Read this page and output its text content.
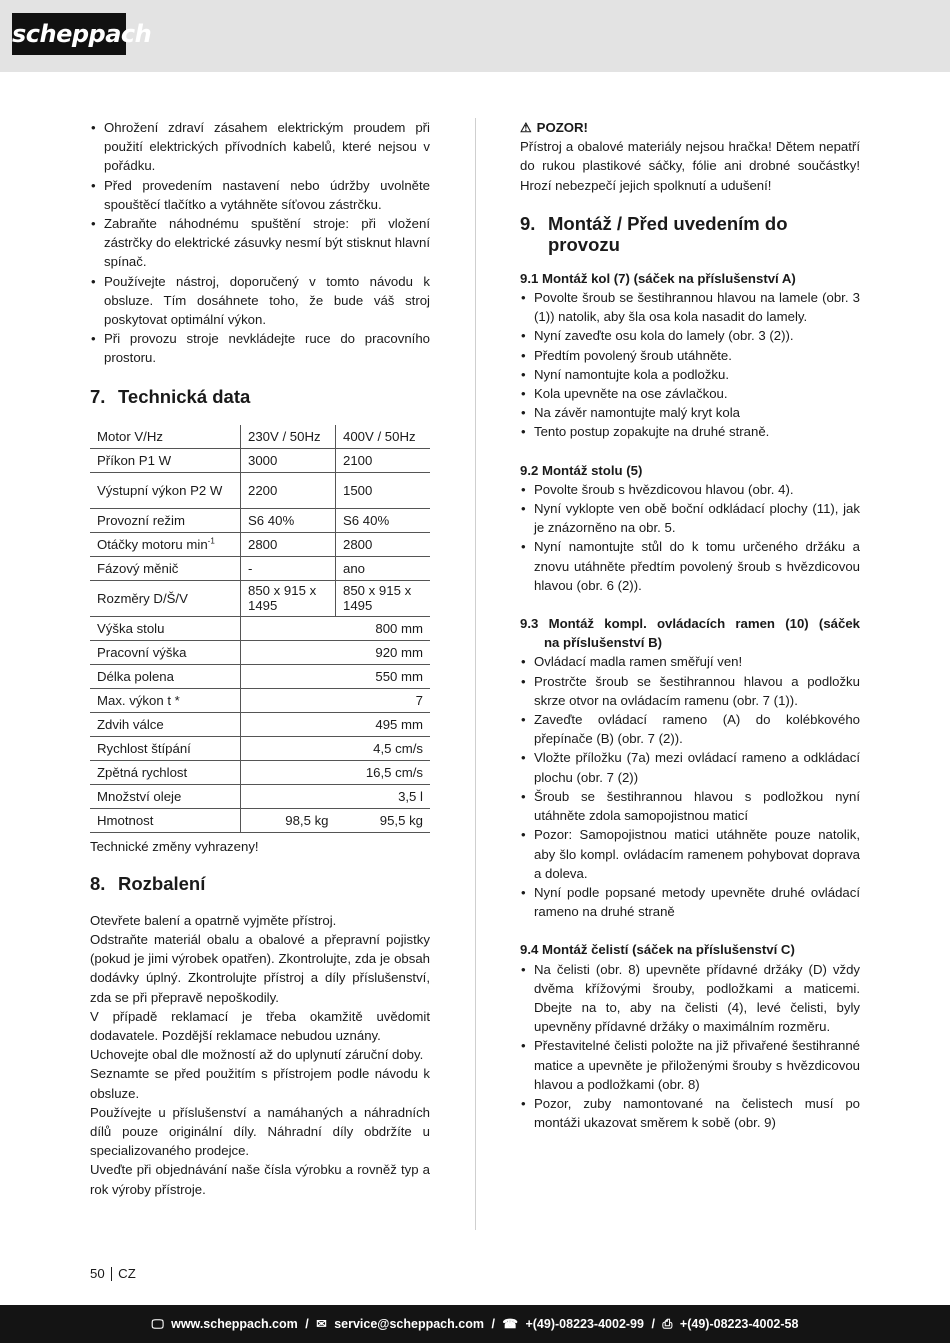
scheppach
• Ohrožení zdraví zásahem elektrickým proudem při použití elektrických přívodních kabelů, které nejsou v pořádku.
• Před provedením nastavení nebo údržby uvolněte spouštěcí tlačítko a vytáhněte síťovou zástrčku.
• Zabraňte náhodnému spuštění stroje: při vložení zástrčky do elektrické zásuvky nesmí být stisknut hlavní spínač.
• Používejte nástroj, doporučený v tomto návodu k obsluze. Tím dosáhnete toho, že bude váš stroj poskytovat optimální výkon.
• Při provozu stroje nevkládejte ruce do pracovního prostoru.
7. Technická data
Motor V/Hz	230V / 50Hz	400V / 50Hz
Příkon P1 W	3000	2100
Výstupní výkon P2 W	2200	1500
Provozní režim	S6 40%	S6 40%
Otáčky motoru $\min^{-1}$	2800	2800
Fázový měnič	-	ano
Rozměry D/Š/V	850 x 915 x 1495	850 x 915 x 1495
Výška stolu	800 mm	
Pracovní výška	920 mm	
Délka polena	550 mm	
Max. výkon t *	7	
Zdvih válce	495 mm	
Rychlost štípání	4,5 cm/s	
Zpětná rychlost	16,5 cm/s	
Množství oleje	3,5 l	
Hmotnost	98,5 kg	95,5 kg

Technické změny vyhrazeny!

8. Rozbalení

Otevřete balení a opatrně vyjměte přístroj.

Odstraňte materiál obalu a obalové a přepravní pojistky (pokud je jimi výrobek opatřen). Zkontrolujte, zda je obsah dodávky úplný. Zkontrolujte přístroj a díly příslušenství, zda se při přepravě nepoškodily.

V případě reklamací je třeba okamžitě uvědomit dodavatele. Pozdější reklamace nebudou uznány.

Uchovejte obal dle možností až do uplynutí záruční doby.

Seznamte se před použitím s přístrojem podle návodu k obsluze.

Používejte u příslušenství a namáhaných a náhradních dílů pouze originální díly. Náhradní díly obdržíte u specializovaného prodejce.

Uveďte při objednávání naše čísla výrobku a rovněž typ a rok výroby přístroje.

⚠ POZOR!

Přístroj a obalové materiály nejsou hračka! Dětem nepatří do rukou plastikové sáčky, fólie ani drobné součástky! Hrozí nebezpečí jejich spolknutí a udušení!

9. Montáž / Před uvedením do provozu
9.1 Montáž kol (7) (sáček na příslušenství A)
• Povolte šroub se šestihrannou hlavou na lamele (obr. 3 (1)) natolik, aby šla osa kola nasadit do lamely.
• Nyní zaveďte osu kola do lamely (obr. 3 (2)).
• Předtím povolený šroub utáhněte.
• Nyní namontujte kola a podložku.
• Kola upevněte na ose závlačkou.
• Na závěr namontujte malý kryt kola
• Tento postup zopakujte na druhé straně.
9.2 Montáž stolu (5)
• Povolte šroub s hvězdicovou hlavou (obr. 4).
• Nyní vyklopte ven obě boční odkládací plochy (11), jak je znázorněno na obr. 5.
• Nyní namontujte stůl do k tomu určeného držáku a znovu utáhněte předtím povolený šroub s hvězdicovou hlavou (obr. 6 (2)).
9.3 Montáž kompl. ovládacích ramen (10) (sáček
na příslušenství B)
• Ovládací madla ramen směřují ven!
• Prostrčte šroub se šestihrannou hlavou a podložku skrze otvor na ovládacím ramenu (obr. 7 (1)).
• Zaveďte ovládací rameno (A) do kolébkového přepínače (B) (obr. 7 (2)).
• Vložte příložku (7a) mezi ovládací rameno a odkládací plochu (obr. 7 (2))
• Šroub se šestihrannou hlavou s podložkou nyní utáhněte zdola samopojistnou maticí
• Pozor: Samopojistnou matici utáhněte pouze natolik, aby šlo kompl. ovládacím ramenem pohybovat doprava a doleva.
• Nyní podle popsané metody upevněte druhé ovládací rameno na druhé straně
9.4 Montáž čelistí (sáček na příslušenství C)
• Na čelisti (obr. 8) upevněte přídavné držáky (D) vždy dvěma křížovými šrouby, podložkami a maticemi. Dbejte na to, aby na čelisti (4), levé čelisti, byly upevněny přídavné držáky o maximálním rozměru.
• Přestavitelné čelisti položte na již přivařené šestihranné matice a upevněte je přiloženými šrouby s hvězdicovou hlavou a podložkami (obr. 8)
• Pozor, zuby namontované na čelistech musí po montáži ukazovat směrem k sobě (obr. 9)
50 CZ
🖵 www.scheppach.com / ✉ service@scheppach.com / ☎ +(49)-08223-4002-99 / ⎙ +(49)-08223-4002-58
